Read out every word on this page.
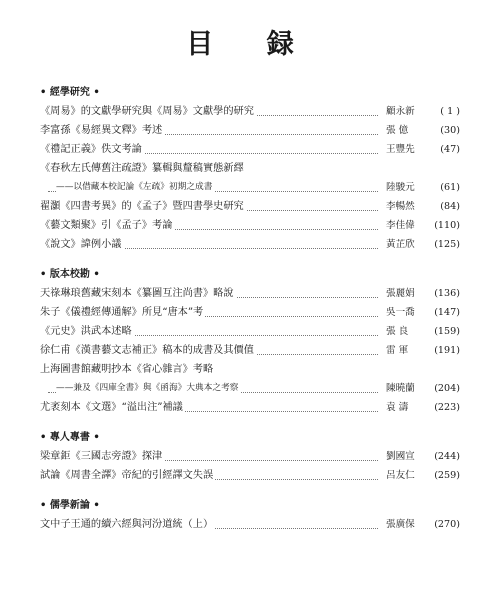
目 録
• 經學研究 •
《周易》的文獻學研究與《周易》文獻學的研究	顧永新	( 1 )
李富孫《易經異文釋》考述	張 億	(30)
《禮記正義》佚文考論	王豐先	(47)
《春秋左氏傳舊注疏證》纂輯與釐稿實態新繹
——以借藏本校記論《左疏》初期之成書	陸駿元	(61)
翟灝《四書考異》的《孟子》暨四書學史研究	李暢然	(84)
《藝文類聚》引《孟子》考論	李佳偉 (110)
《說文》諱例小議	黃芷欣 (125)
• 版本校勘 •
天祿琳琅舊藏宋刻本《纂圖互注尚書》略說	張麗娟 (136)
朱子《儀禮經傳通解》所見“唐本”考	吳一喬 (147)
《元史》洪武本述略	張 良	(159)
徐仁甫《漢書藝文志補正》稿本的成書及其價值	雷 軍	(191)
上海圖書館藏明抄本《省心雜言》考略
——兼及《四庫全書》與《函海》大典本之考察	陳曉蘭 (204)
尤袤刻本《文選》“溢出注”補議	袁 濤	(223)
• 專人專書 •
梁章鉅《三國志旁證》探津	劉國宣 (244)
試論《周書全譯》帝紀的引經譯文失誤	呂友仁 (259)
• 儒學新論 •
文中子王通的續六經與河汾道統（上）	張廣保 (270)
